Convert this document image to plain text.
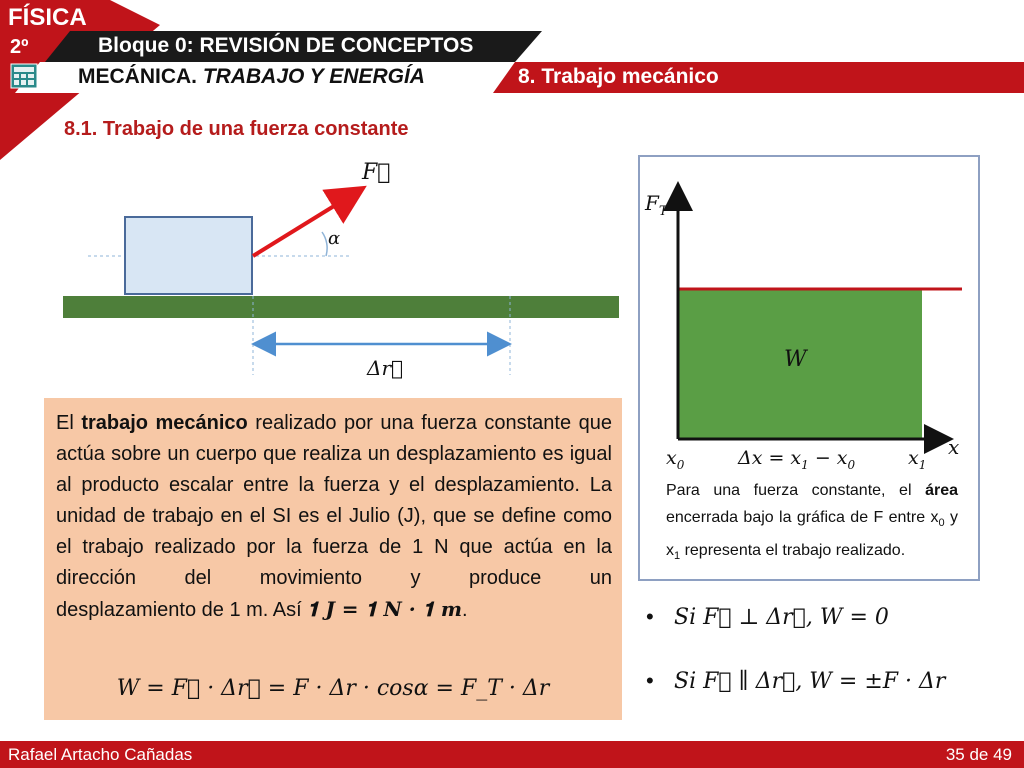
FÍSICA
2º	Bloque 0: REVISIÓN DE CONCEPTOS
MECÁNICA. TRABAJO Y ENERGÍA	8. Trabajo mecánico
8.1. Trabajo de una fuerza constante
F⃗
α
Δr⃗
El trabajo mecánico realizado por una fuerza constante que actúa sobre un cuerpo que realiza un desplazamiento es igual al producto escalar entre la fuerza y el desplazamiento. La unidad de trabajo en el SI es el Julio (J), que se define como el trabajo realizado por la fuerza de 1 N que actúa en la dirección del movimiento y produce un
desplazamiento de 1 m. Así 𝟏 𝑱 = 𝟏 𝑵 · 𝟏 𝒎.
W = F⃗ · Δr⃗ = F · Δr · cosα = F_T · Δr
$F_T$
x
W
$x_0$	$\Delta x = x_1 - x_0$	$x_1$
Para una fuerza constante, el área encerrada bajo la gráfica de F entre $x_0$ y $x_1$ representa el trabajo realizado.
• Si F⃗ ⊥ Δr⃗, W = 0
• Si F⃗ ∥ Δr⃗, W = ±F · Δr
Rafael Artacho Cañadas	35 de 49
